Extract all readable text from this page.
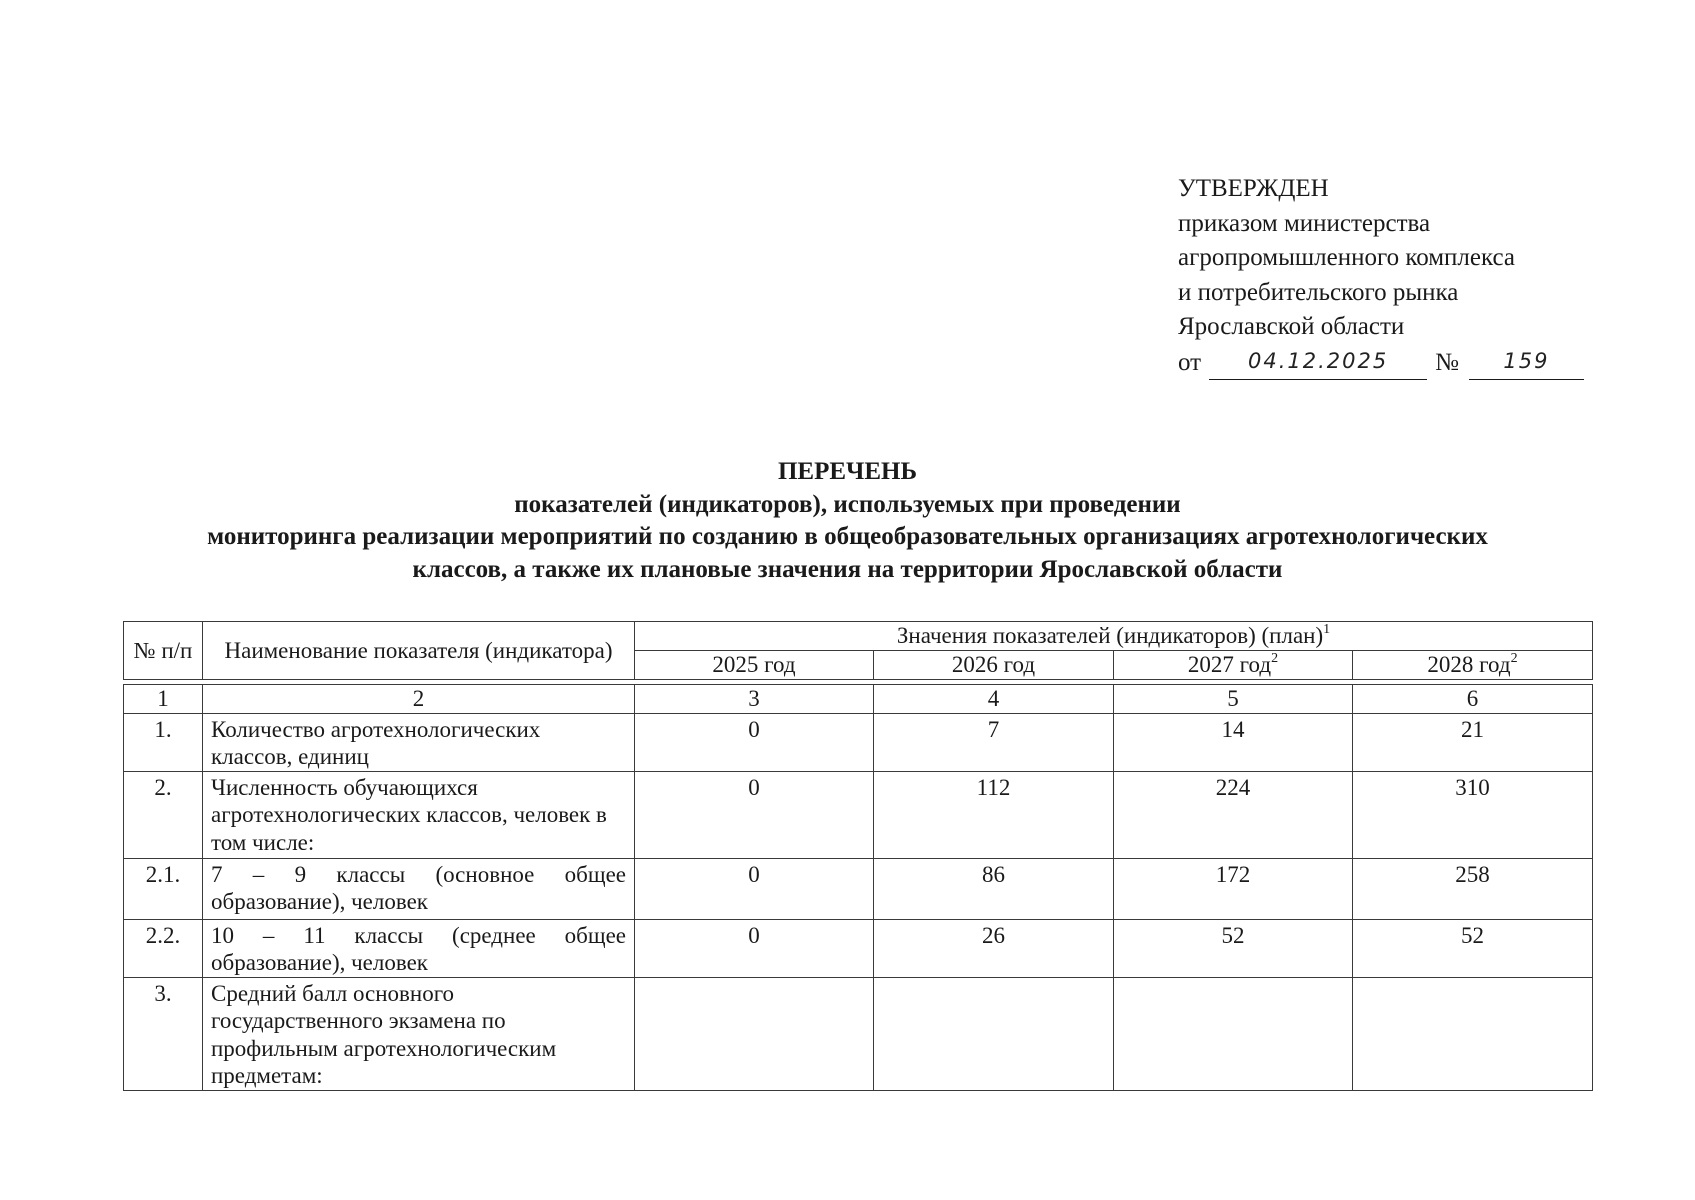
УТВЕРЖДЕН
приказом министерства
агропромышленного комплекса
и потребительского рынка
Ярославской области
от	04.12.2025	№	159
ПЕРЕЧЕНЬ
показателей (индикаторов), используемых при проведении
мониторинга реализации мероприятий по созданию в общеобразовательных организациях агротехнологических
классов, а также их плановые значения на территории Ярославской области
№ п/п	Наименование показателя (индикатора)	Значения показателей (индикаторов) (план)$^1$
		2025 год	2026 год	2027 год$^2$	2028 год$^2$

1	2	3	4	5	6
1.	Количество агротехнологических классов, единиц	0	7	14	21
2.	Численность обучающихся агротехнологических классов, человек в том числе:	0	112	224	310
2.1.	7 – 9 классы (основное общее образование), человек	0	86	172	258
2.2.	10 – 11 классы (среднее общее образование), человек	0	26	52	52
3.	Средний балл основного государственного экзамена по профильным агротехнологическим предметам:				
